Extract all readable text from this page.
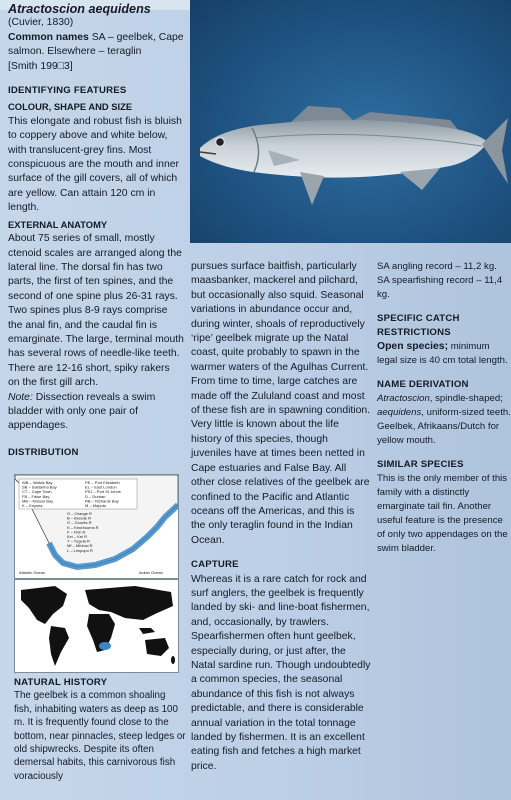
Atractoscion aequidens

(Cuvier, 1830)

Common names SA – geelbek, Cape salmon. Elsewhere – teraglin

[Smith 199□3]

IDENTIFYING FEATURES

COLOUR, SHAPE AND SIZE

This elongate and robust fish is bluish to coppery above and white below, with translucent-grey fins. Most conspicuous are the mouth and inner surface of the gill covers, all of which are yellow. Can attain 120 cm in length.

EXTERNAL ANATOMY

About 75 series of small, mostly ctenoid scales are arranged along the lateral line. The dorsal fin has two parts, the first of ten spines, and the second of one spine plus 26-31 rays. Two spines plus 8-9 rays comprise the anal fin, and the caudal fin is emarginate. The large, terminal mouth has several rows of needle-like teeth. There are 12-16 short, spiky rakers on the first gill arch.

Note: Dissection reveals a swim bladder with only one pair of appendages.

DISTRIBUTION

pursues surface baitfish, particularly maasbanker, mackerel and pilchard, but occasionally also squid. Seasonal variations in abundance occur and, during winter, shoals of reproductively ‘ripe’ geelbek migrate up the Natal coast, quite probably to spawn in the warmer waters of the Agulhas Current. From time to time, large catches are made off the Zululand coast and most of these fish are in spawning condition. Very little is known about the life history of this species, though juveniles have at times been netted in Cape estuaries and False Bay. All other close relatives of the geelbek are confined to the Pacific and Atlantic oceans off the Americas, and this is the only teraglin found in the Indian Ocean.

CAPTURE

Whereas it is a rare catch for rock and surf anglers, the geelbek is frequently landed by ski- and line-boat fishermen, and, occasionally, by trawlers. Spearfishermen often hunt geelbek, especially during, or just after, the Natal sardine run. Though undoubtedly a common species, the seasonal abundance of this fish is not always predictable, and there is considerable annual variation in the total tonnage landed by fishermen. It is an excellent eating fish and fetches a high market price.

SA angling record – 11,2 kg.

SA spearfishing record – 11,4 kg.

SPECIFIC CATCH RESTRICTIONS

Open species; minimum legal size is 40 cm total length.

NAME DERIVATION

Atractoscion, spindle-shaped; aequidens, uniform-sized teeth. Geelbek, Afrikaans/Dutch for yellow mouth.

SIMILAR SPECIES

This is the only member of this family with a distinctly emarginate tail fin. Another useful feature is the presence of only two appendages on the swim bladder.

WB – Walvis Bay SB – Saldanha Bay CT – Cape Town FB – False Bay MB – Mossel Bay K – Knysna
PE – Port Elizabeth EL – East London PSJ – Port St Johns D – Durban RB – Richards Bay M – Maputo
O – Orange R B – Breede R G – Gourits R K – Keurbooms R F – Fish R Kei – Kei R T – Tugela R Mf – Mfolozi R L – Limpopo R
Atlantic Ocean	Indian Ocean

NATURAL HISTORY

The geelbek is a common shoaling fish, inhabiting waters as deep as 100 m. It is frequently found close to the bottom, near pinnacles, steep ledges or old shipwrecks. Despite its often demersal habits, this carnivorous fish voraciously
